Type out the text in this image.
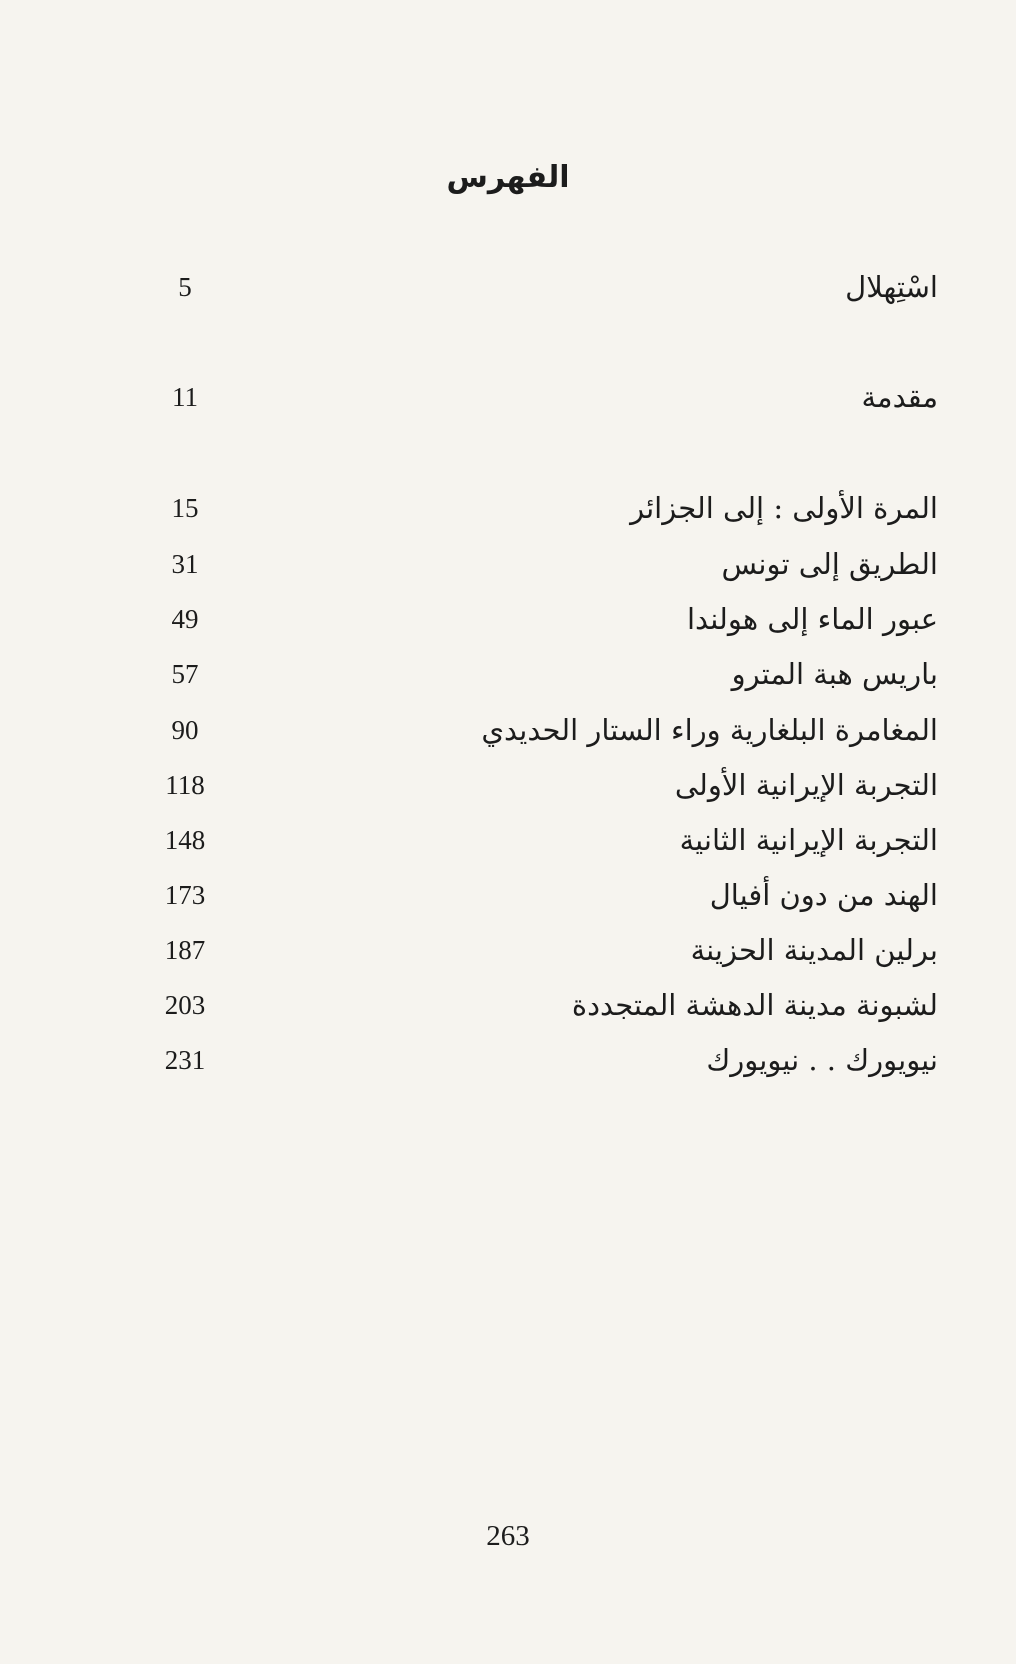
الفهرس
اسْتِهلال
5
مقدمة
11
المرة الأولى : إلى الجزائر
15
الطريق إلى تونس
31
عبور الماء إلى هولندا
49
باريس هبة المترو
57
المغامرة البلغارية وراء الستار الحديدي
90
التجربة الإيرانية الأولى
118
التجربة الإيرانية الثانية
148
الهند من دون أفيال
173
برلين المدينة الحزينة
187
لشبونة مدينة الدهشة المتجددة
203
نيويورك . . نيويورك
231
263
